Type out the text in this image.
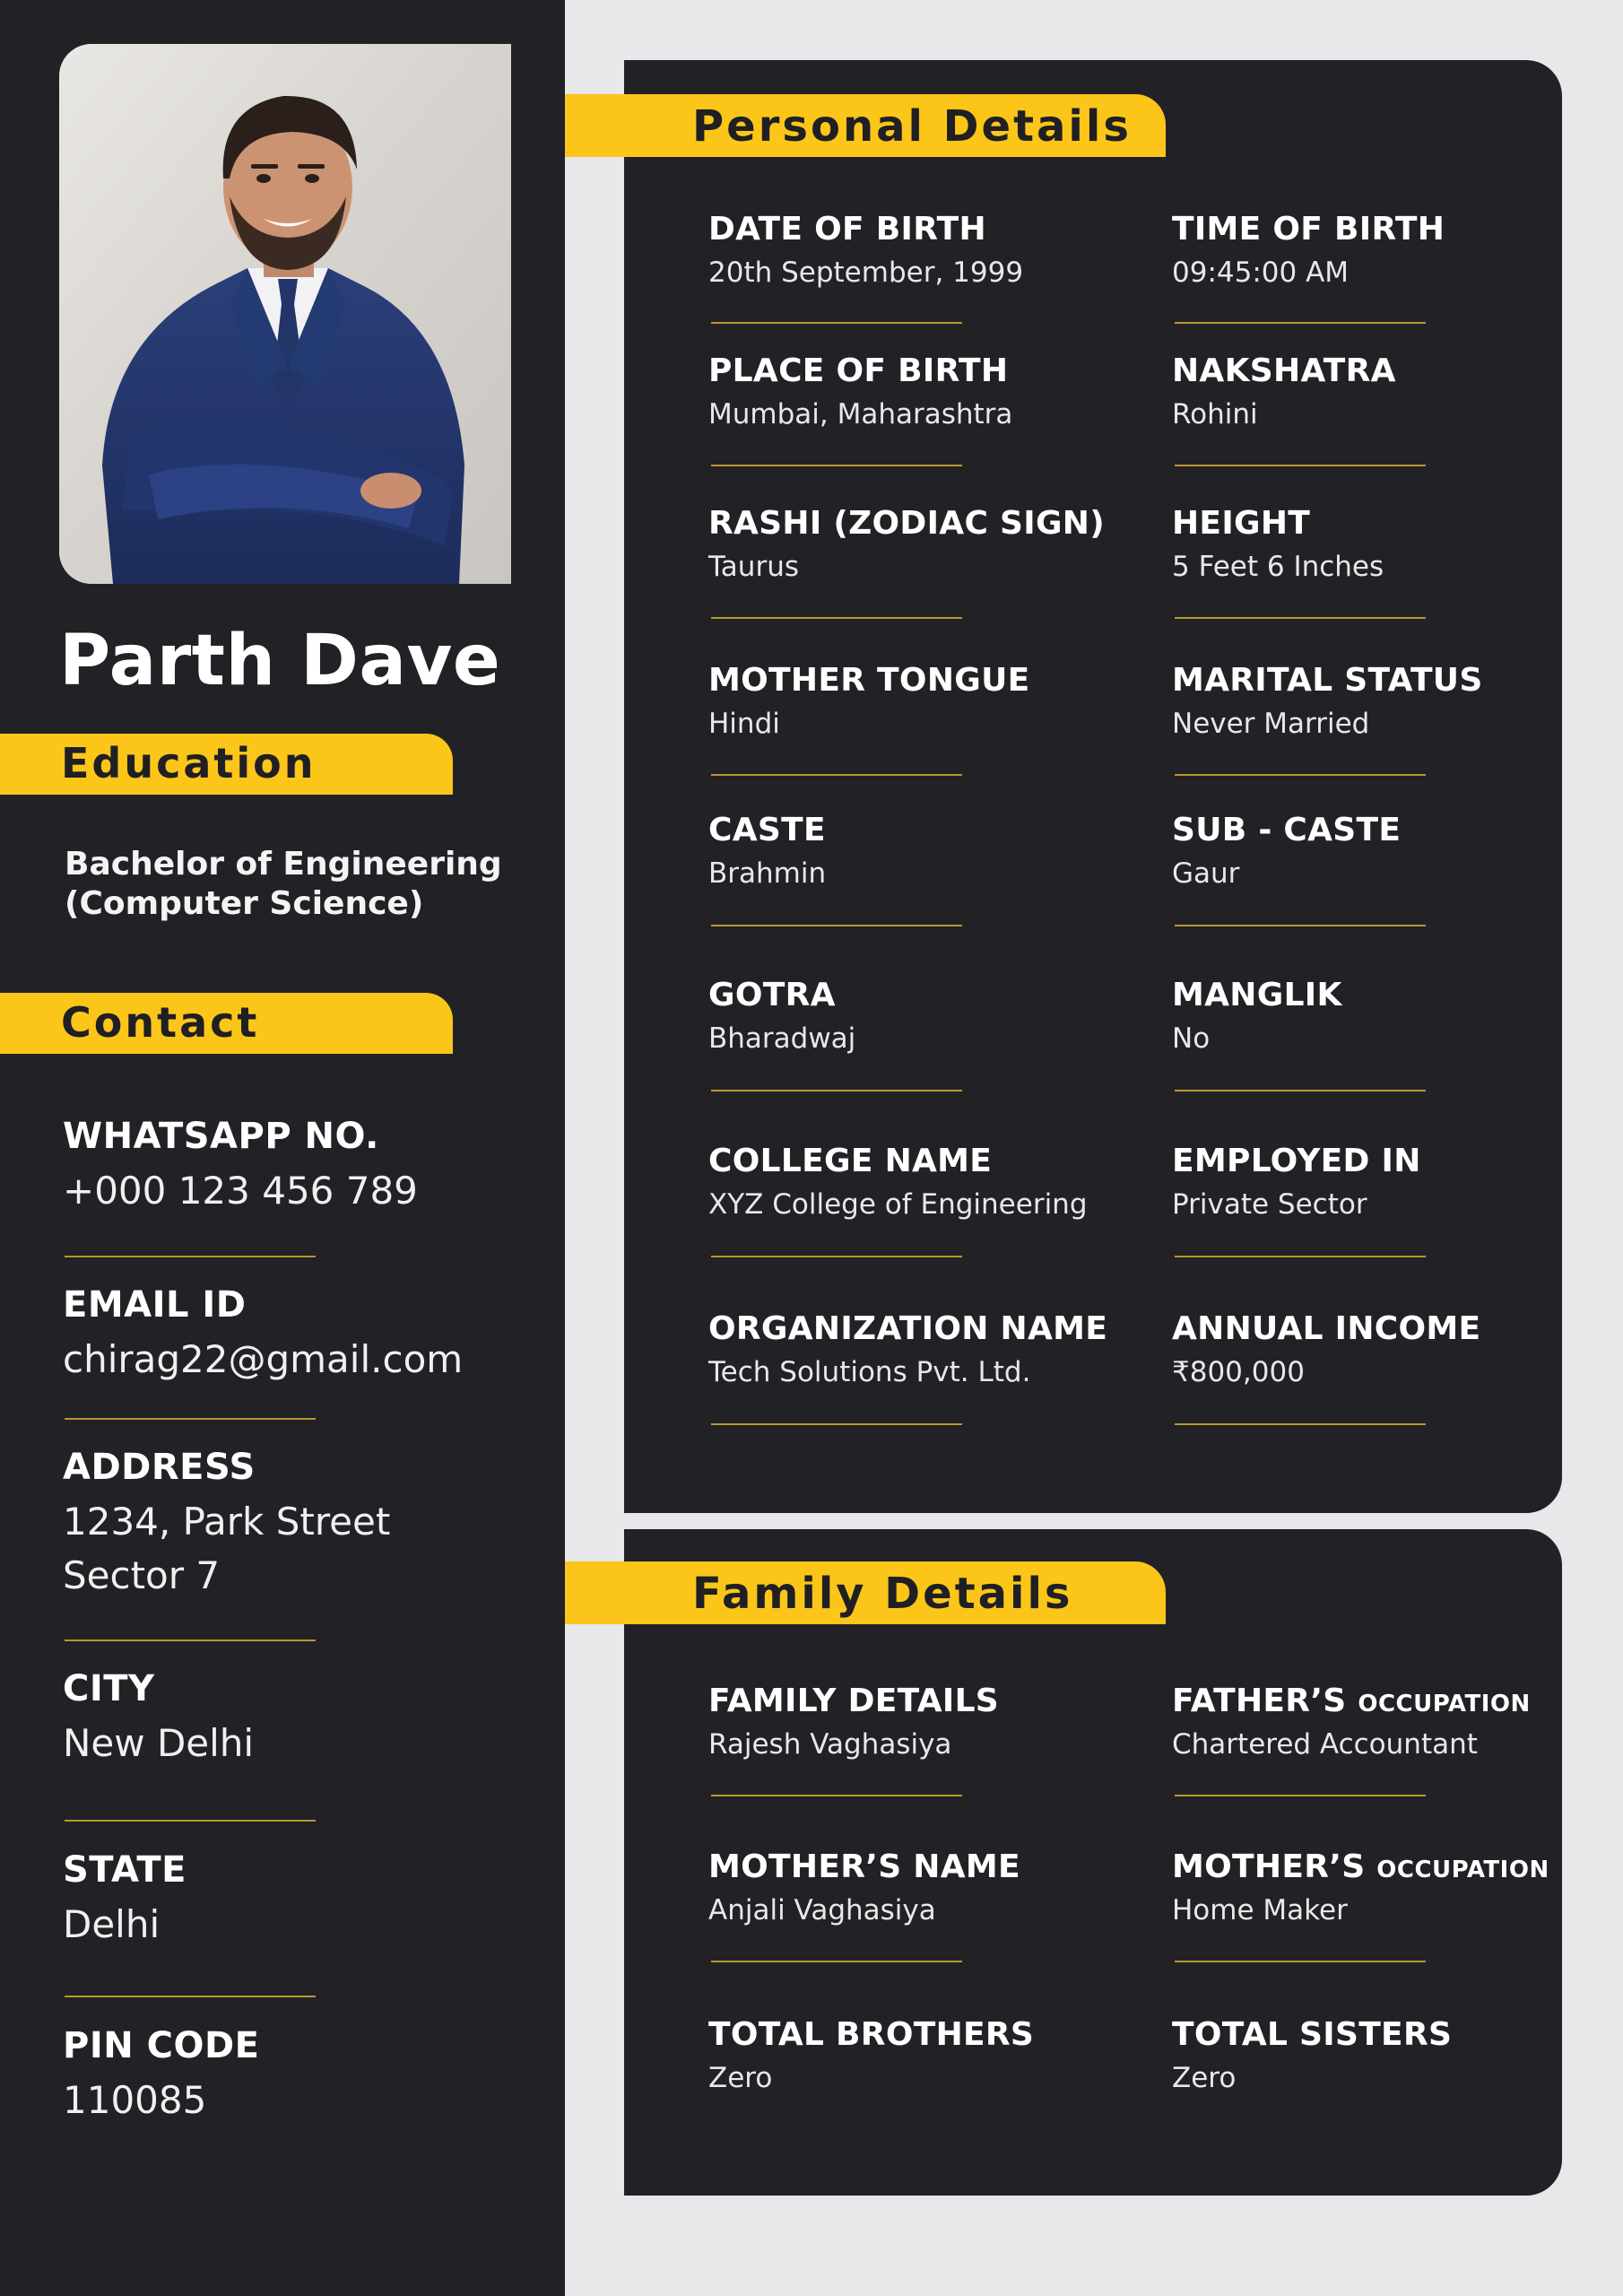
Parth Dave
Education
Bachelor of Engineering
(Computer Science)
Contact
WHATSAPP NO.
+000 123 456 789
EMAIL ID
chirag22@gmail.com
ADDRESS
1234, Park Street
Sector 7
CITY
New Delhi
STATE
Delhi
PIN CODE
110085
Personal Details
DATE OF BIRTH
20th September, 1999
TIME OF BIRTH
09:45:00 AM
PLACE OF BIRTH
Mumbai, Maharashtra
NAKSHATRA
Rohini
RASHI (ZODIAC SIGN)
Taurus
HEIGHT
5 Feet 6 Inches
MOTHER TONGUE
Hindi
MARITAL STATUS
Never Married
CASTE
Brahmin
SUB - CASTE
Gaur
GOTRA
Bharadwaj
MANGLIK
No
COLLEGE NAME
XYZ College of Engineering
EMPLOYED IN
Private Sector
ORGANIZATION NAME
Tech Solutions Pvt. Ltd.
ANNUAL INCOME
₹800,000
Family Details
FAMILY DETAILS
Rajesh Vaghasiya
FATHER’S OCCUPATION
Chartered Accountant
MOTHER’S NAME
Anjali Vaghasiya
MOTHER’S OCCUPATION
Home Maker
TOTAL BROTHERS
Zero
TOTAL SISTERS
Zero
